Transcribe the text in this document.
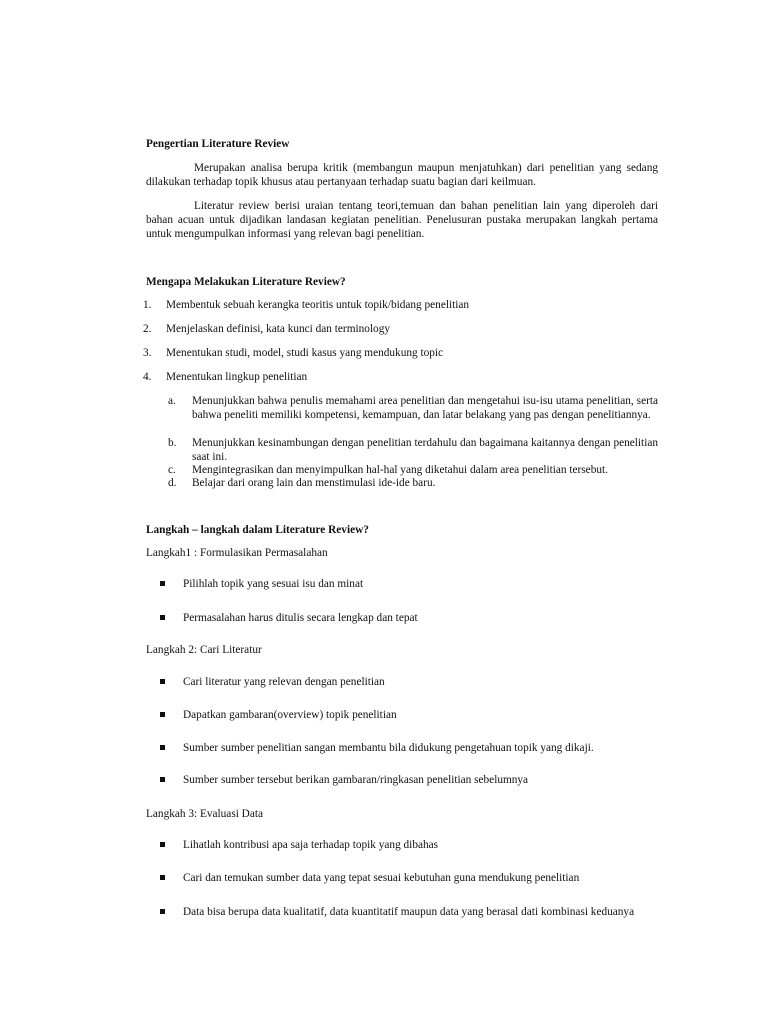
Pengertian Literature Review
Merupakan analisa berupa kritik (membangun maupun menjatuhkan) dari penelitian yang sedang dilakukan terhadap topik khusus atau pertanyaan terhadap suatu bagian dari keilmuan.
Literatur review berisi uraian tentang teori,temuan dan bahan penelitian lain yang diperoleh dari bahan acuan untuk dijadikan landasan kegiatan penelitian. Penelusuran pustaka merupakan langkah pertama untuk mengumpulkan informasi yang relevan bagi penelitian.
Mengapa Melakukan Literature Review?
1.	Membentuk sebuah kerangka teoritis untuk topik/bidang penelitian
2.	Menjelaskan definisi, kata kunci dan terminology
3.	Menentukan studi, model, studi kasus yang mendukung topic
4.	Menentukan lingkup penelitian
a. Menunjukkan bahwa penulis memahami area penelitian dan mengetahui isu-isu utama penelitian, serta bahwa peneliti memiliki kompetensi, kemampuan, dan latar belakang yang pas dengan penelitiannya.
b. Menunjukkan kesinambungan dengan penelitian terdahulu dan bagaimana kaitannya dengan penelitian saat ini.
c. Mengintegrasikan dan menyimpulkan hal-hal yang diketahui dalam area penelitian tersebut.
d. Belajar dari orang lain dan menstimulasi ide-ide baru.
Langkah – langkah dalam Literature Review?
Langkah1 : Formulasikan Permasalahan
Pilihlah topik yang sesuai isu dan minat
Permasalahan harus ditulis secara lengkap dan tepat
Langkah 2: Cari Literatur
Cari literatur yang relevan dengan penelitian
Dapatkan gambaran(overview) topik penelitian
Sumber sumber penelitian sangan membantu bila didukung pengetahuan topik yang dikaji.
Sumber sumber tersebut berikan gambaran/ringkasan penelitian sebelumnya
Langkah 3: Evaluasi Data
Lihatlah kontribusi apa saja terhadap topik yang dibahas
Cari dan temukan sumber data yang tepat sesuai kebutuhan guna mendukung penelitian
Data bisa berupa data kualitatif, data kuantitatif maupun data yang berasal dati kombinasi keduanya
